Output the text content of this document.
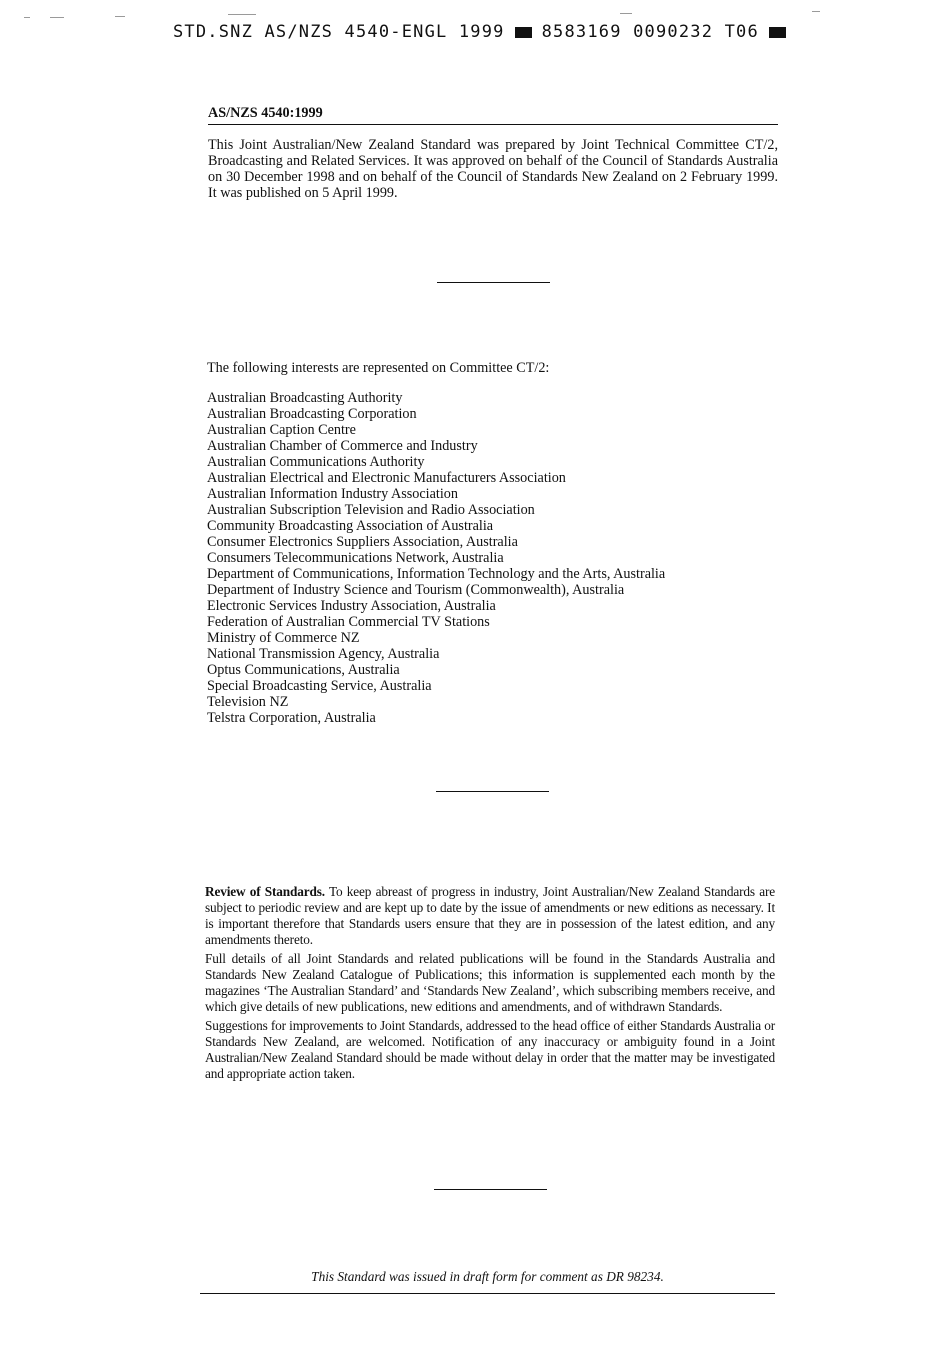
STD.SNZ AS/NZS 4540-ENGL 1999 8583169 0090232 T06
AS/NZS 4540:1999

This Joint Australian/New Zealand Standard was prepared by Joint Technical Committee CT/2, Broadcasting and Related Services. It was approved on behalf of the Council of Standards Australia on 30 December 1998 and on behalf of the Council of Standards New Zealand on 2 February 1999. It was published on 5 April 1999.

The following interests are represented on Committee CT/2:
Australian Broadcasting Authority
Australian Broadcasting Corporation
Australian Caption Centre
Australian Chamber of Commerce and Industry
Australian Communications Authority
Australian Electrical and Electronic Manufacturers Association
Australian Information Industry Association
Australian Subscription Television and Radio Association
Community Broadcasting Association of Australia
Consumer Electronics Suppliers Association, Australia
Consumers Telecommunications Network, Australia
Department of Communications, Information Technology and the Arts, Australia
Department of Industry Science and Tourism (Commonwealth), Australia
Electronic Services Industry Association, Australia
Federation of Australian Commercial TV Stations
Ministry of Commerce NZ
National Transmission Agency, Australia
Optus Communications, Australia
Special Broadcasting Service, Australia
Television NZ
Telstra Corporation, Australia

Review of Standards. To keep abreast of progress in industry, Joint Australian/New Zealand Standards are subject to periodic review and are kept up to date by the issue of amendments or new editions as necessary. It is important therefore that Standards users ensure that they are in possession of the latest edition, and any amendments thereto.

Full details of all Joint Standards and related publications will be found in the Standards Australia and Standards New Zealand Catalogue of Publications; this information is supplemented each month by the magazines ‘The Australian Standard’ and ‘Standards New Zealand’, which subscribing members receive, and which give details of new publications, new editions and amendments, and of withdrawn Standards.

Suggestions for improvements to Joint Standards, addressed to the head office of either Standards Australia or Standards New Zealand, are welcomed. Notification of any inaccuracy or ambiguity found in a Joint Australian/New Zealand Standard should be made without delay in order that the matter may be investigated and appropriate action taken.

This Standard was issued in draft form for comment as DR 98234.
